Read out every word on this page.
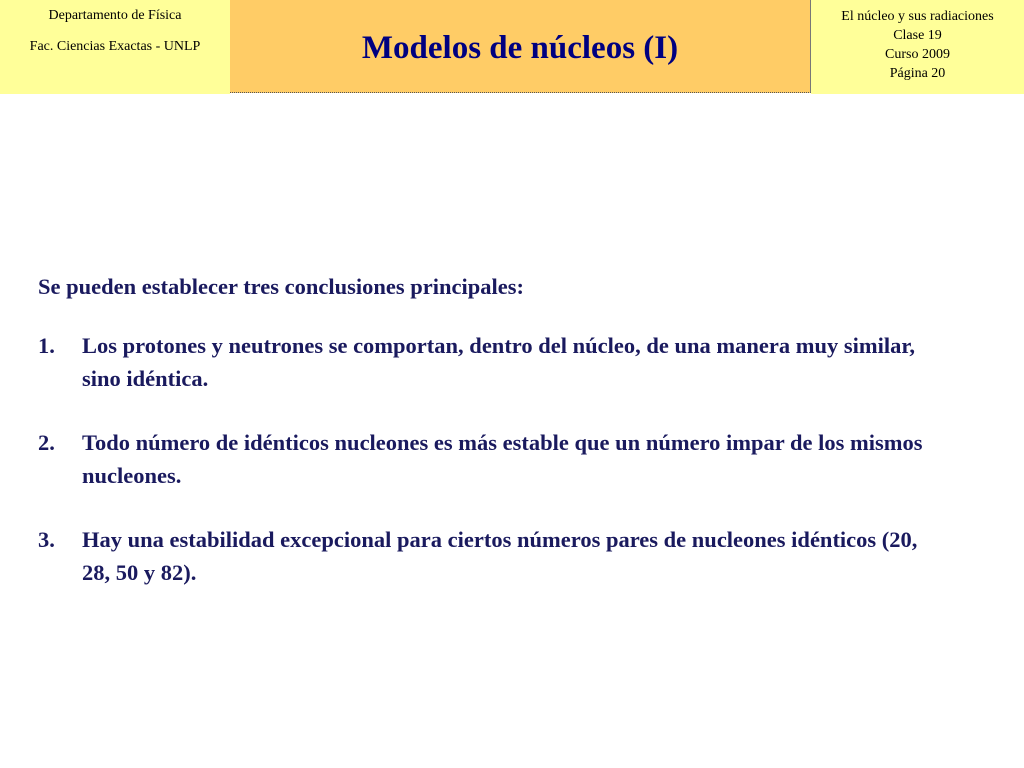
Departamento de Física
Fac. Ciencias Exactas - UNLP	Modelos de núcleos (I)
El núcleo y sus radiaciones
Clase 19
Curso 2009
Página 20

Se pueden establecer tres conclusiones principales:

1. Los protones y neutrones se comportan, dentro del núcleo, de una manera muy similar, sino idéntica.
2. Todo número de idénticos nucleones es más estable que un número impar de los mismos nucleones.
3. Hay una estabilidad excepcional para ciertos números pares de nucleones idénticos (20, 28, 50 y 82).
